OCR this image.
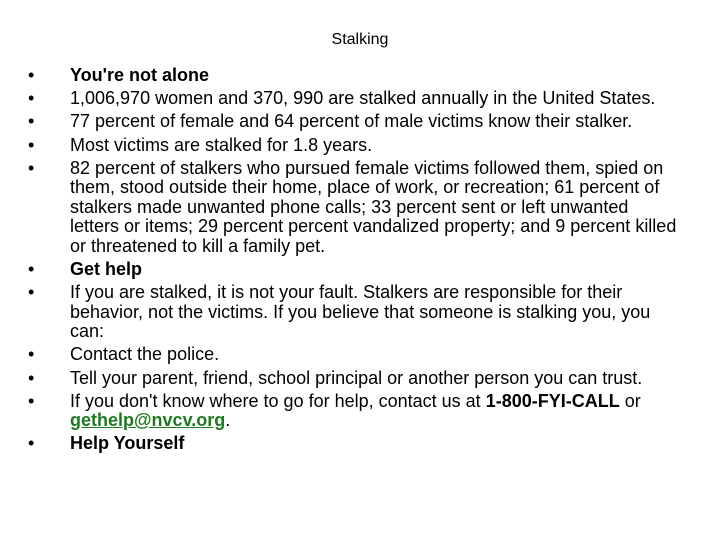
Stalking
•	You're not alone
•	1,006,970 women and 370, 990 are stalked annually in the United States.
•	77 percent of female and 64 percent of male victims know their stalker.
•	Most victims are stalked for 1.8 years.
•	82 percent of stalkers who pursued female victims followed them, spied on them, stood outside their home, place of work, or recreation; 61 percent of stalkers made unwanted phone calls; 33 percent sent or left unwanted letters or items; 29 percent percent vandalized property; and 9 percent killed or threatened to kill a family pet.
•	Get help
•	If you are stalked, it is not your fault. Stalkers are responsible for their behavior, not the victims. If you believe that someone is stalking you, you can:
•	Contact the police.
•	Tell your parent, friend, school principal or another person you can trust.
•	If you don't know where to go for help, contact us at 1-800-FYI-CALL or gethelp@nvcv.org.
•	Help Yourself
